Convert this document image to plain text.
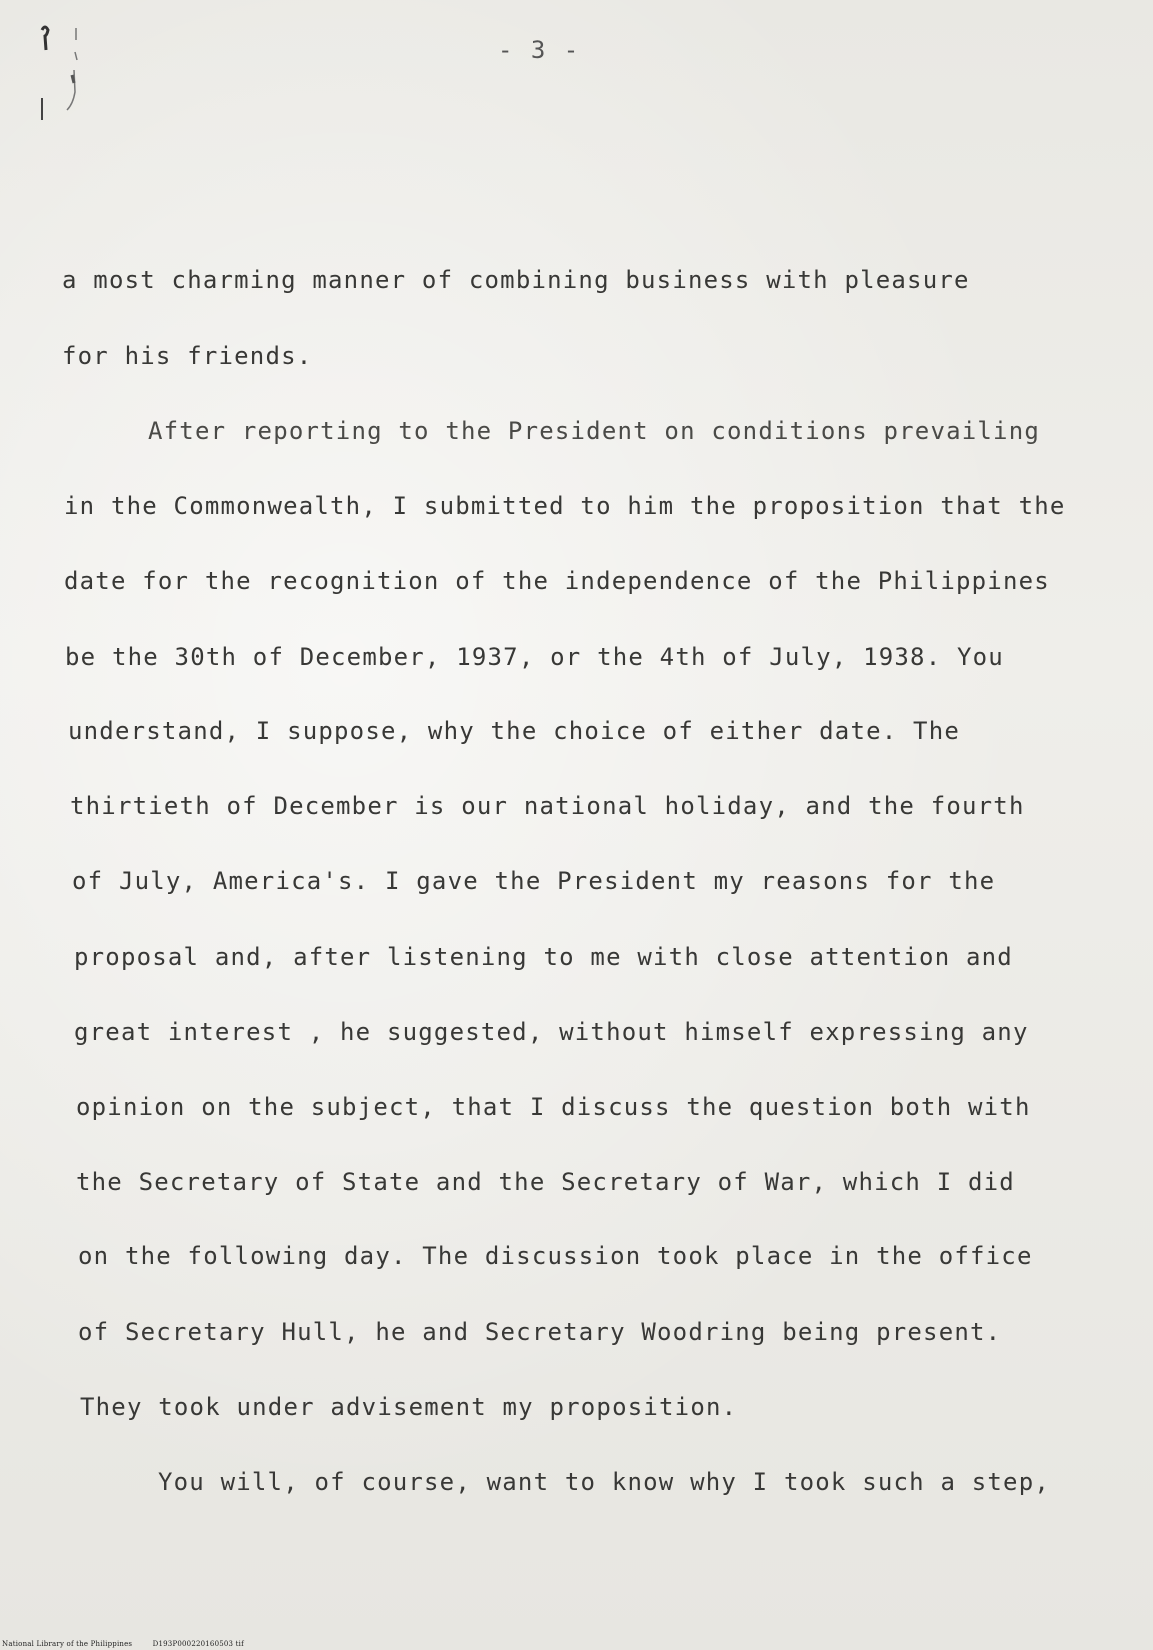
- 3 -
a most charming manner of combining business with pleasure
for his friends.
After reporting to the President on conditions prevailing
in the Commonwealth, I submitted to him the proposition that the
date for the recognition of the independence of the Philippines
be the 30th of December, 1937, or the 4th of July, 1938. You
understand, I suppose, why the choice of either date. The
thirtieth of December is our national holiday, and the fourth
of July, America's. I gave the President my reasons for the
proposal and, after listening to me with close attention and
great interest , he suggested, without himself expressing any
opinion on the subject, that I discuss the question both with
the Secretary of State and the Secretary of War, which I did
on the following day. The discussion took place in the office
of Secretary Hull, he and Secretary Woodring being present.
They took under advisement my proposition.
You will, of course, want to know why I took such a step,
National Library of the Philippines	D193P000220160503 tif
